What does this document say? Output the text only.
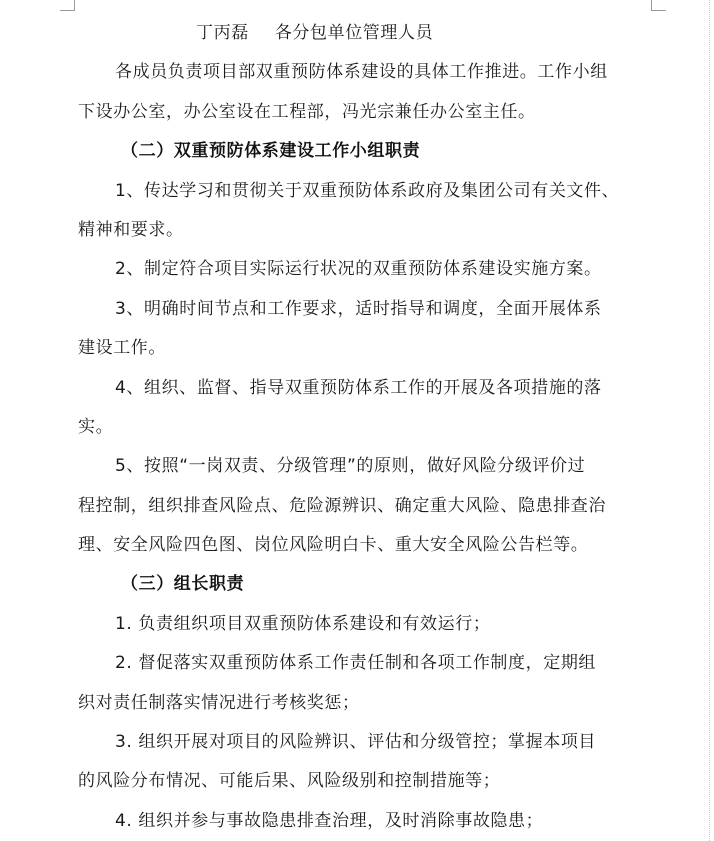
丁丙磊 各分包单位管理人员
各成员负责项目部双重预防体系建设的具体工作推进。工作小组
下设办公室，办公室设在工程部，冯光宗兼任办公室主任。
（二）双重预防体系建设工作小组职责
1、传达学习和贯彻关于双重预防体系政府及集团公司有关文件、
精神和要求。
2、制定符合项目实际运行状况的双重预防体系建设实施方案。
3、明确时间节点和工作要求，适时指导和调度，全面开展体系
建设工作。
4、组织、监督、指导双重预防体系工作的开展及各项措施的落
实。
5、按照“一岗双责、分级管理”的原则，做好风险分级评价过
程控制，组织排查风险点、危险源辨识、确定重大风险、隐患排查治
理、安全风险四色图、岗位风险明白卡、重大安全风险公告栏等。
（三）组长职责
1. 负责组织项目双重预防体系建设和有效运行；
2. 督促落实双重预防体系工作责任制和各项工作制度，定期组
织对责任制落实情况进行考核奖惩；
3. 组织开展对项目的风险辨识、评估和分级管控；掌握本项目
的风险分布情况、可能后果、风险级别和控制措施等；
4. 组织并参与事故隐患排查治理，及时消除事故隐患；
